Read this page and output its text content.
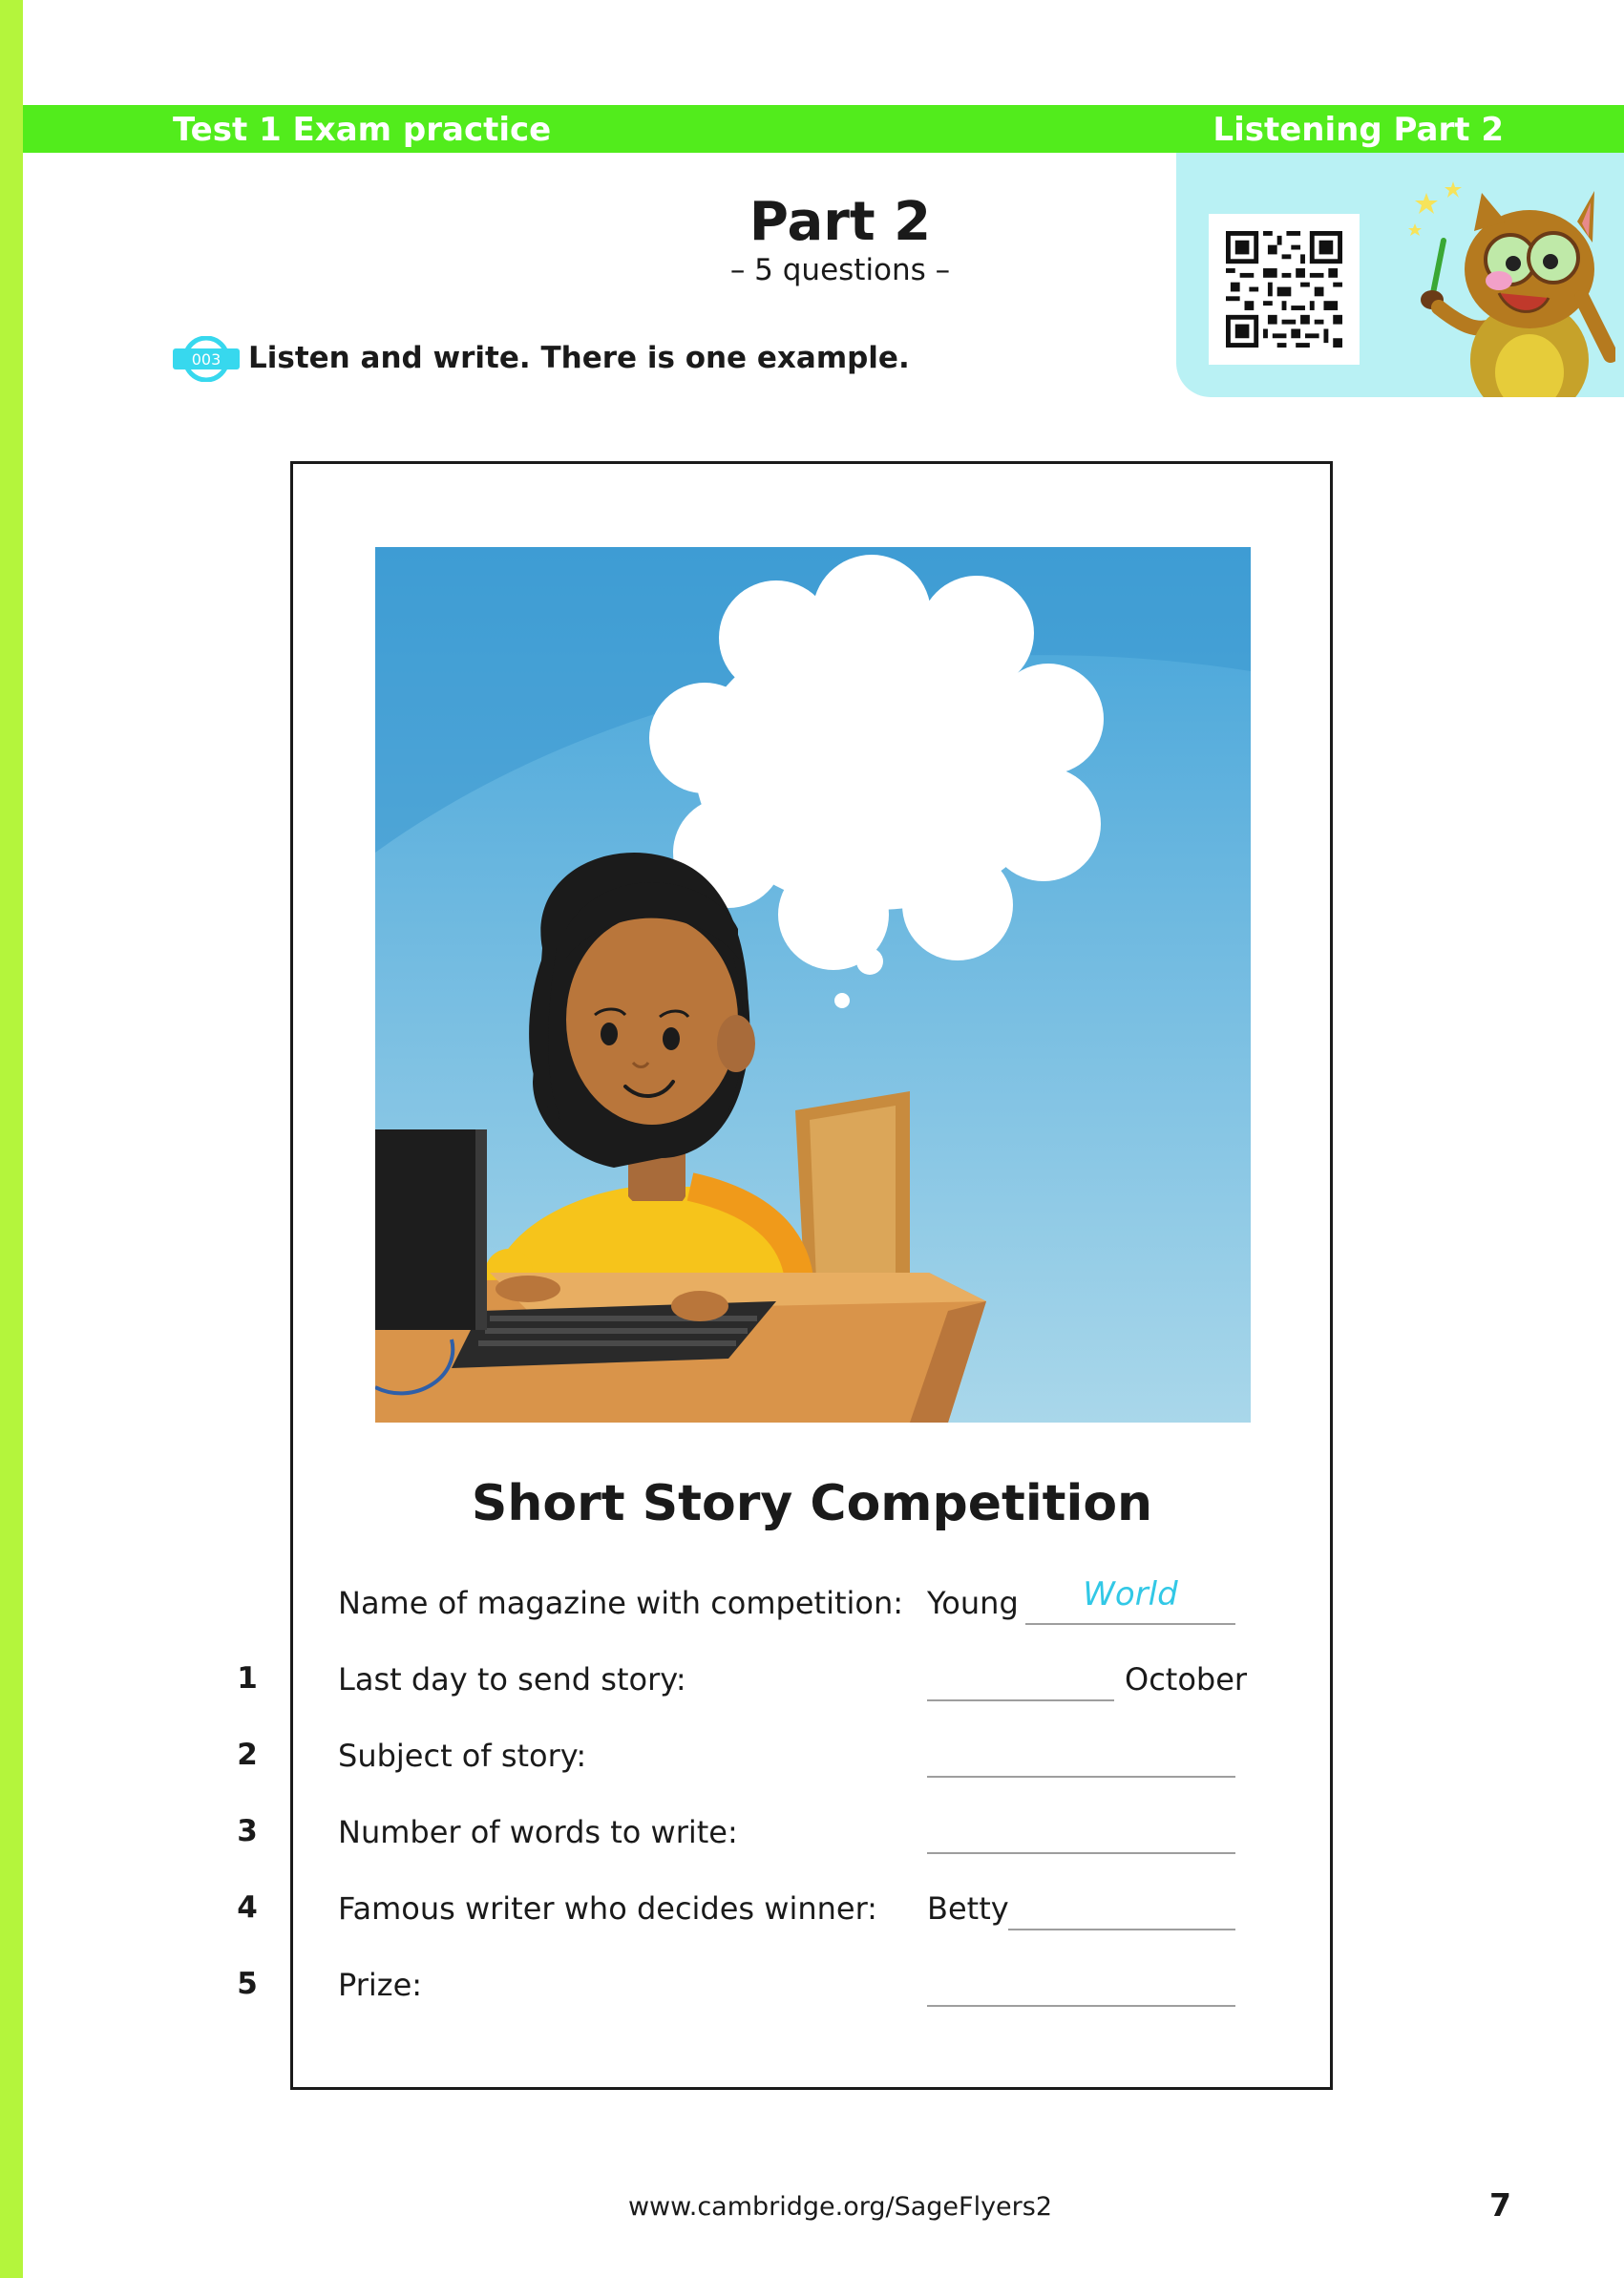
Test 1 Exam practice	Listening Part 2
Part 2
– 5 questions –
003 Listen and write. There is one example.
Short Story Competition
Name of magazine with competition: Young	World
1	Last day to send story:	October
2	Subject of story:
3	Number of words to write:
4	Famous writer who decides winner: Betty
5	Prize:
www.cambridge.org/SageFlyers2	7
